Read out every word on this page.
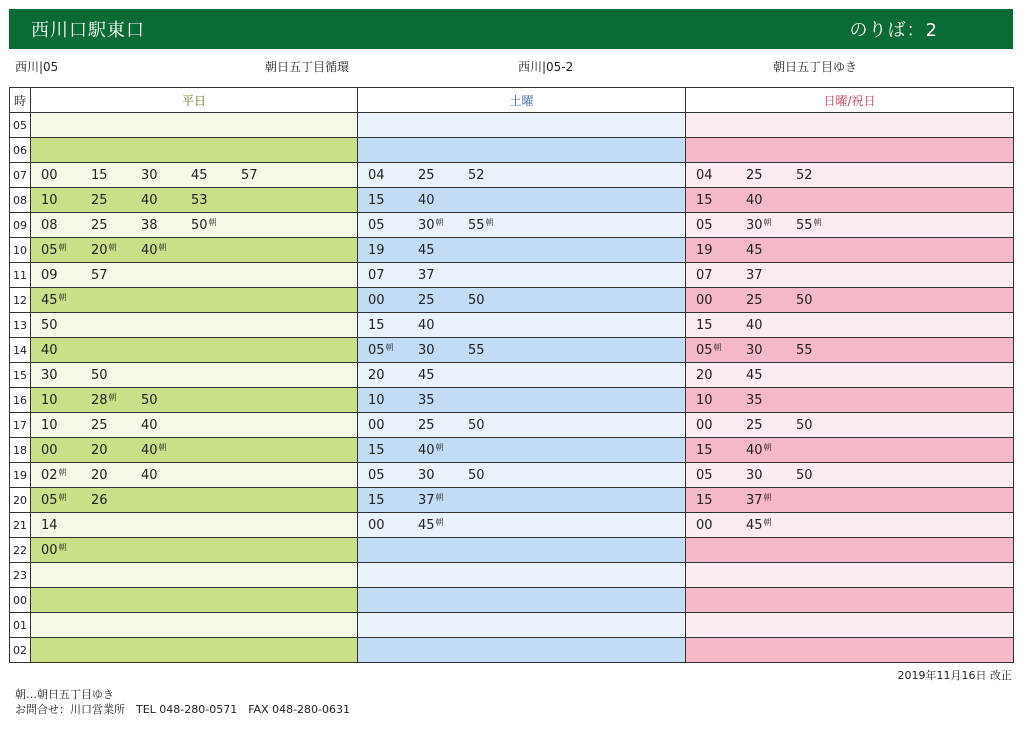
西川口駅東口	のりば：2
西川|05	朝日五丁目循環	西川|05-2	朝日五丁目ゆき
時	平日	土曜	日曜/祝日
05	

06	

07	00 15 30 45 57	04 25 52	04 25 52

08	10 25 40 53	15 40	15 40

09	08 25 38 $50^朝$	05 $30^朝$ $55^朝$	05 $30^朝$ $55^朝$

10	$05^朝$ $20^朝$ $40^朝$	19 45	19 45

11	09 57	07 37	07 37

12	$45^朝$	00 25 50	00 25 50

13	50	15 40	15 40

14	40	$05^朝$ 30 55	$05^朝$ 30 55

15	30 50	20 45	20 45

16	10 $28^朝$ 50	10 35	10 35

17	10 25 40	00 25 50	00 25 50

18	00 20 $40^朝$	15 $40^朝$	15 $40^朝$

19	$02^朝$ 20 40	05 30 50	05 30 50

20	$05^朝$ 26	15 $37^朝$	15 $37^朝$

21	14	00 $45^朝$	00 $45^朝$

22	$00^朝$

23	

00	

01	

02	

2019年11月16日 改正
朝…朝日五丁目ゆき
お問合せ：川口営業所　TEL 048-280-0571　FAX 048-280-0631
